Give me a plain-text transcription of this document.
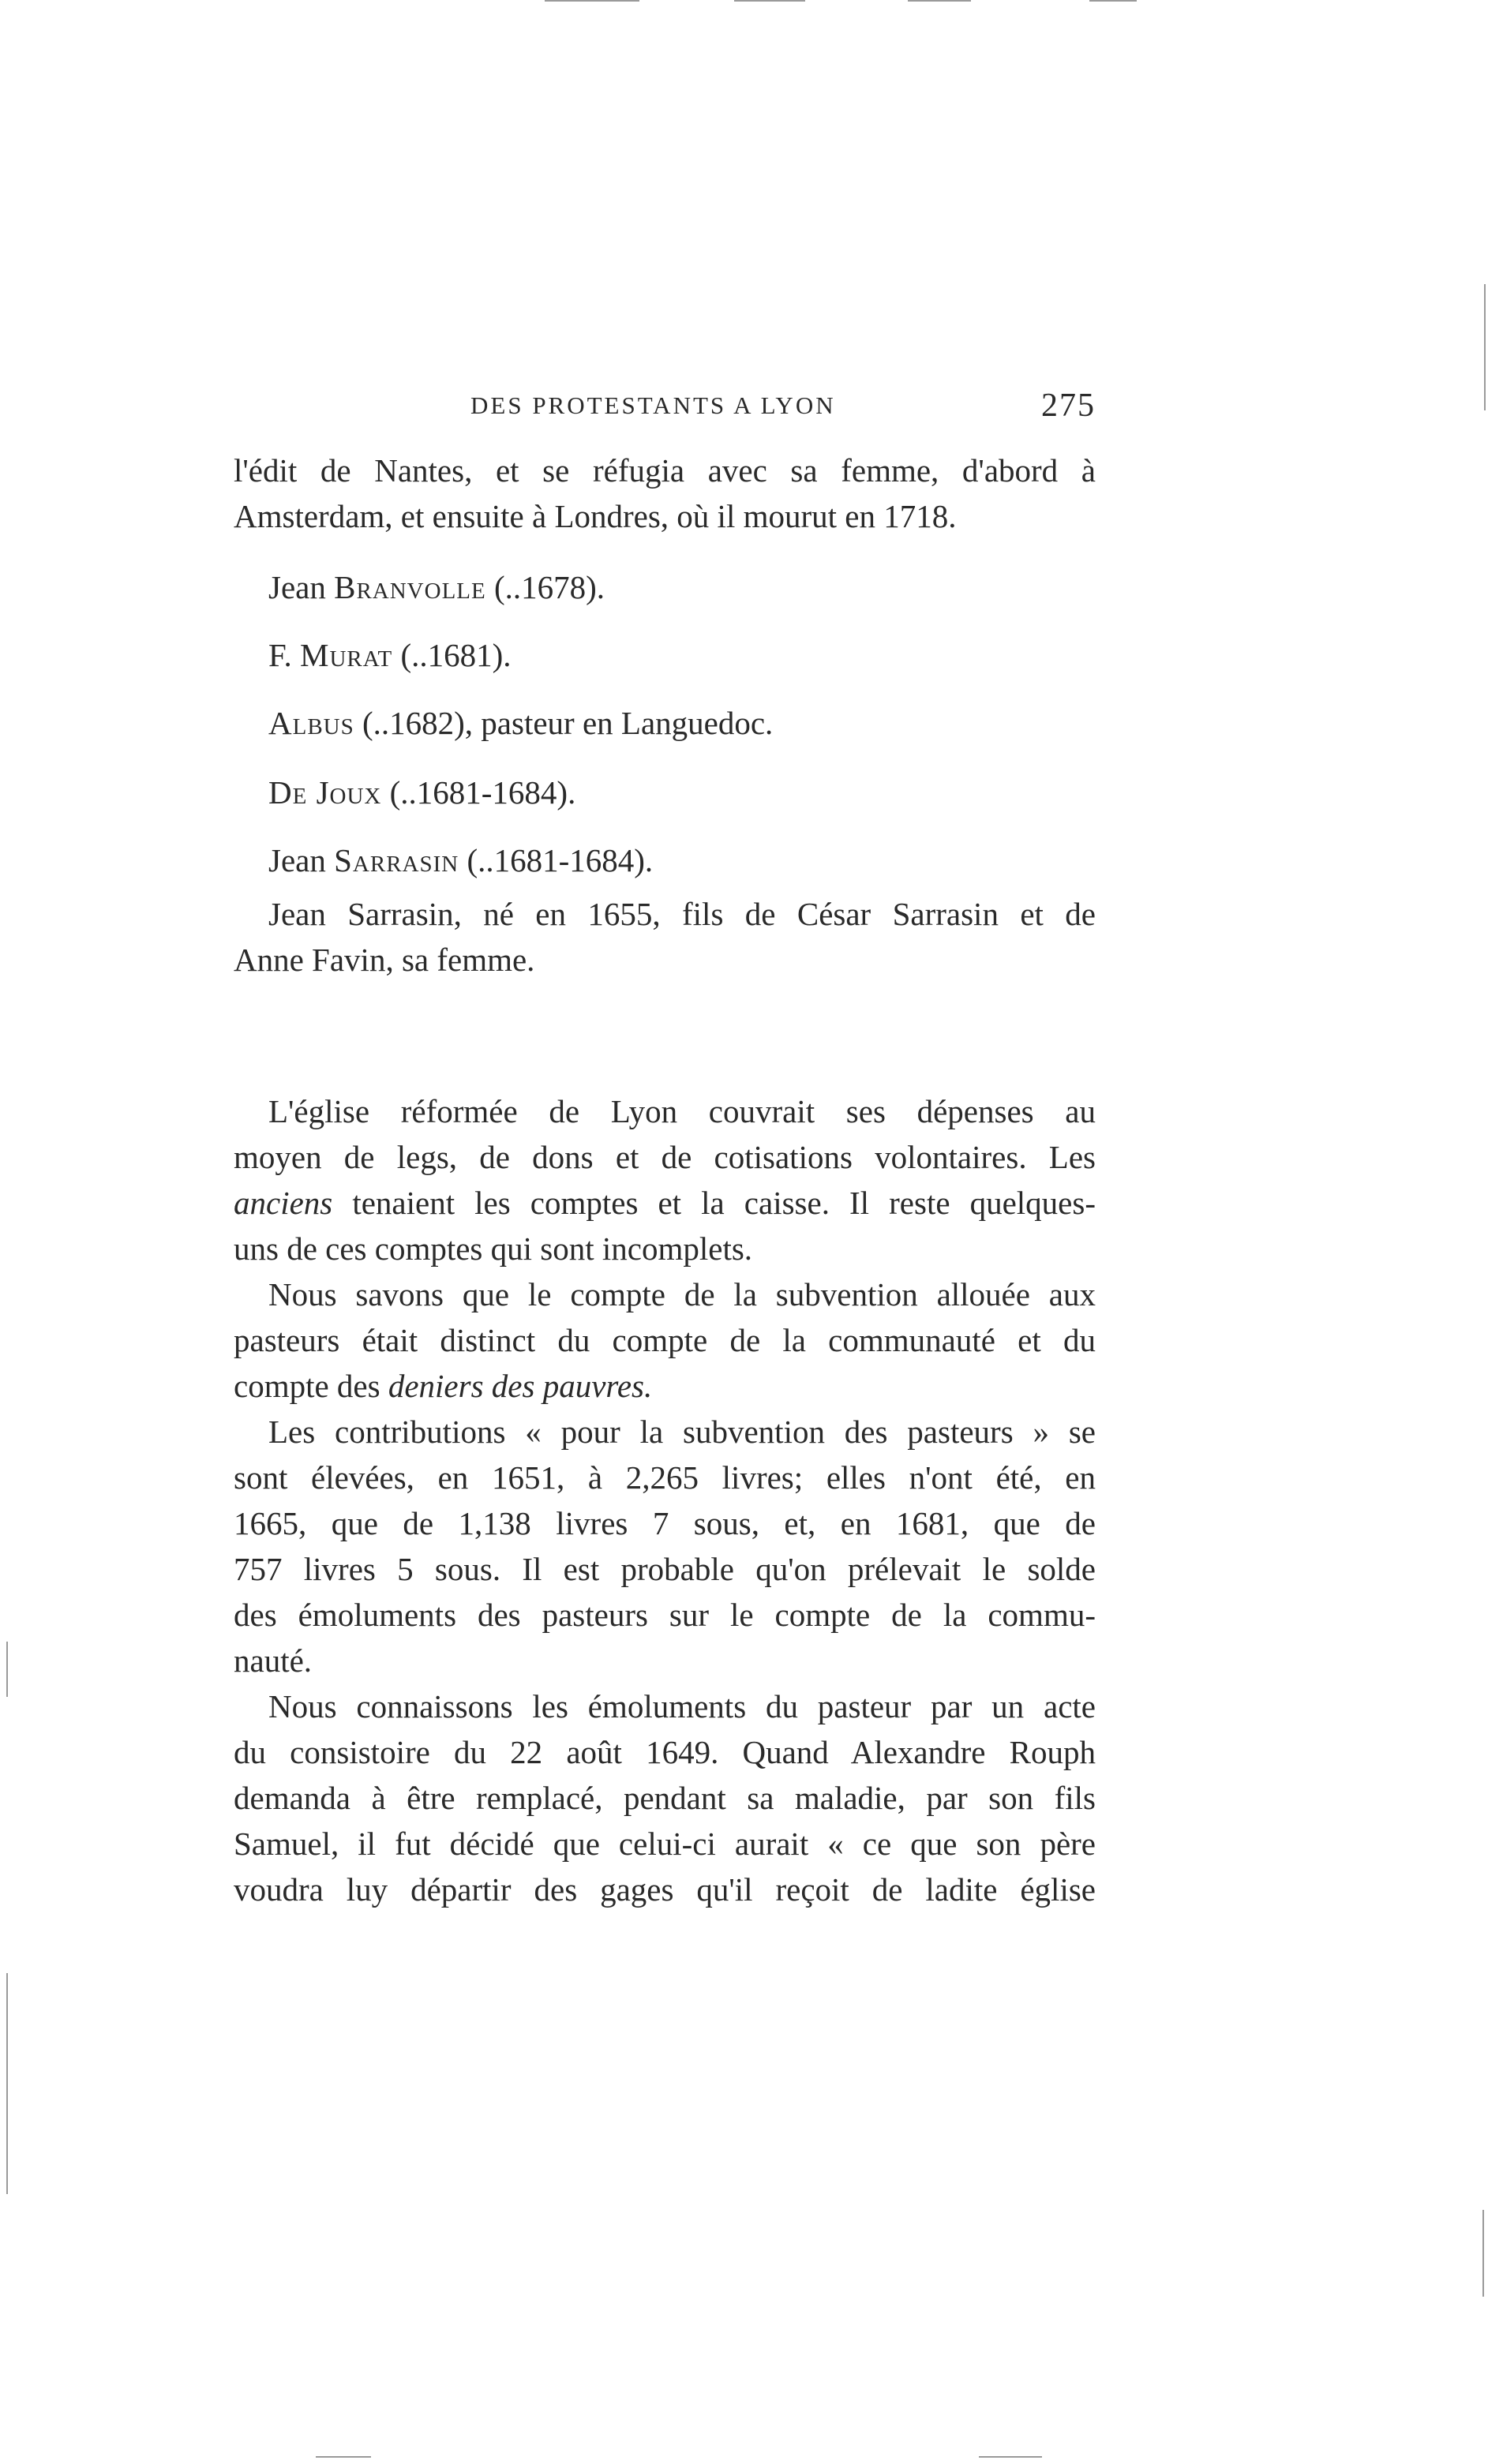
DES PROTESTANTS A LYON	275
l'édit de Nantes, et se réfugia avec sa femme, d'abord à
Amsterdam, et ensuite à Londres, où il mourut en 1718.
Jean Branvolle (..1678).
F. Murat (..1681).
Albus (..1682), pasteur en Languedoc.
De Joux (..1681-1684).
Jean Sarrasin (..1681-1684).
Jean Sarrasin, né en 1655, fils de César Sarrasin et de
Anne Favin, sa femme.
L'église réformée de Lyon couvrait ses dépenses au
moyen de legs, de dons et de cotisations volontaires. Les
anciens tenaient les comptes et la caisse. Il reste quelques-
uns de ces comptes qui sont incomplets.
Nous savons que le compte de la subvention allouée aux
pasteurs était distinct du compte de la communauté et du
compte des deniers des pauvres.
Les contributions « pour la subvention des pasteurs » se
sont élevées, en 1651, à 2,265 livres; elles n'ont été, en
1665, que de 1,138 livres 7 sous, et, en 1681, que de
757 livres 5 sous. Il est probable qu'on prélevait le solde
des émoluments des pasteurs sur le compte de la commu-
nauté.
Nous connaissons les émoluments du pasteur par un acte
du consistoire du 22 août 1649. Quand Alexandre Rouph
demanda à être remplacé, pendant sa maladie, par son fils
Samuel, il fut décidé que celui-ci aurait « ce que son père
voudra luy départir des gages qu'il reçoit de ladite église
